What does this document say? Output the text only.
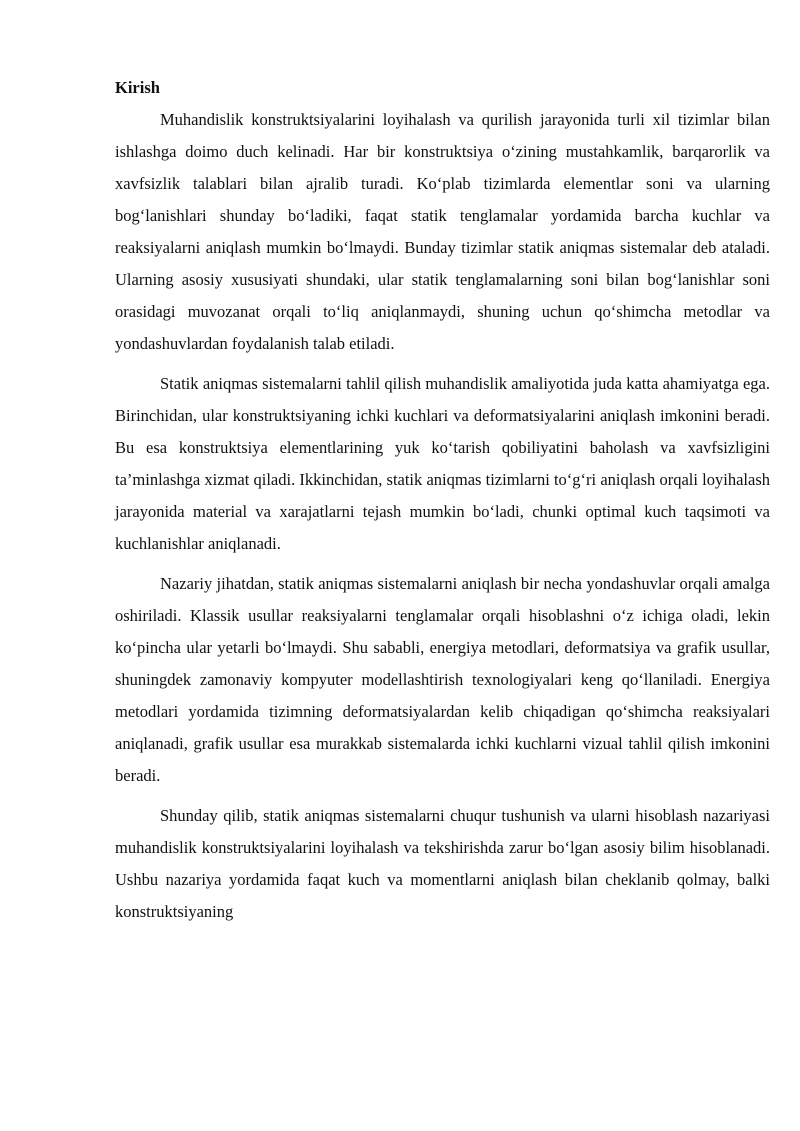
Kirish

Muhandislik konstruktsiyalarini loyihalash va qurilish jarayonida turli xil tizimlar bilan ishlashga doimo duch kelinadi. Har bir konstruktsiya o‘zining mustahkamlik, barqarorlik va xavfsizlik talablari bilan ajralib turadi. Ko‘plab tizimlarda elementlar soni va ularning bog‘lanishlari shunday bo‘ladiki, faqat statik tenglamalar yordamida barcha kuchlar va reaksiyalarni aniqlash mumkin bo‘lmaydi. Bunday tizimlar statik aniqmas sistemalar deb ataladi. Ularning asosiy xususiyati shundaki, ular statik tenglamalarning soni bilan bog‘lanishlar soni orasidagi muvozanat orqali to‘liq aniqlanmaydi, shuning uchun qo‘shimcha metodlar va yondashuvlardan foydalanish talab etiladi.

Statik aniqmas sistemalarni tahlil qilish muhandislik amaliyotida juda katta ahamiyatga ega. Birinchidan, ular konstruktsiyaning ichki kuchlari va deformatsiyalarini aniqlash imkonini beradi. Bu esa konstruktsiya elementlarining yuk ko‘tarish qobiliyatini baholash va xavfsizligini ta’minlashga xizmat qiladi. Ikkinchidan, statik aniqmas tizimlarni to‘g‘ri aniqlash orqali loyihalash jarayonida material va xarajatlarni tejash mumkin bo‘ladi, chunki optimal kuch taqsimoti va kuchlanishlar aniqlanadi.

Nazariy jihatdan, statik aniqmas sistemalarni aniqlash bir necha yondashuvlar orqali amalga oshiriladi. Klassik usullar reaksiyalarni tenglamalar orqali hisoblashni o‘z ichiga oladi, lekin ko‘pincha ular yetarli bo‘lmaydi. Shu sababli, energiya metodlari, deformatsiya va grafik usullar, shuningdek zamonaviy kompyuter modellashtirish texnologiyalari keng qo‘llaniladi. Energiya metodlari yordamida tizimning deformatsiyalardan kelib chiqadigan qo‘shimcha reaksiyalari aniqlanadi, grafik usullar esa murakkab sistemalarda ichki kuchlarni vizual tahlil qilish imkonini beradi.

Shunday qilib, statik aniqmas sistemalarni chuqur tushunish va ularni hisoblash nazariyasi muhandislik konstruktsiyalarini loyihalash va tekshirishda zarur bo‘lgan asosiy bilim hisoblanadi. Ushbu nazariya yordamida faqat kuch va momentlarni aniqlash bilan cheklanib qolmay, balki konstruktsiyaning
